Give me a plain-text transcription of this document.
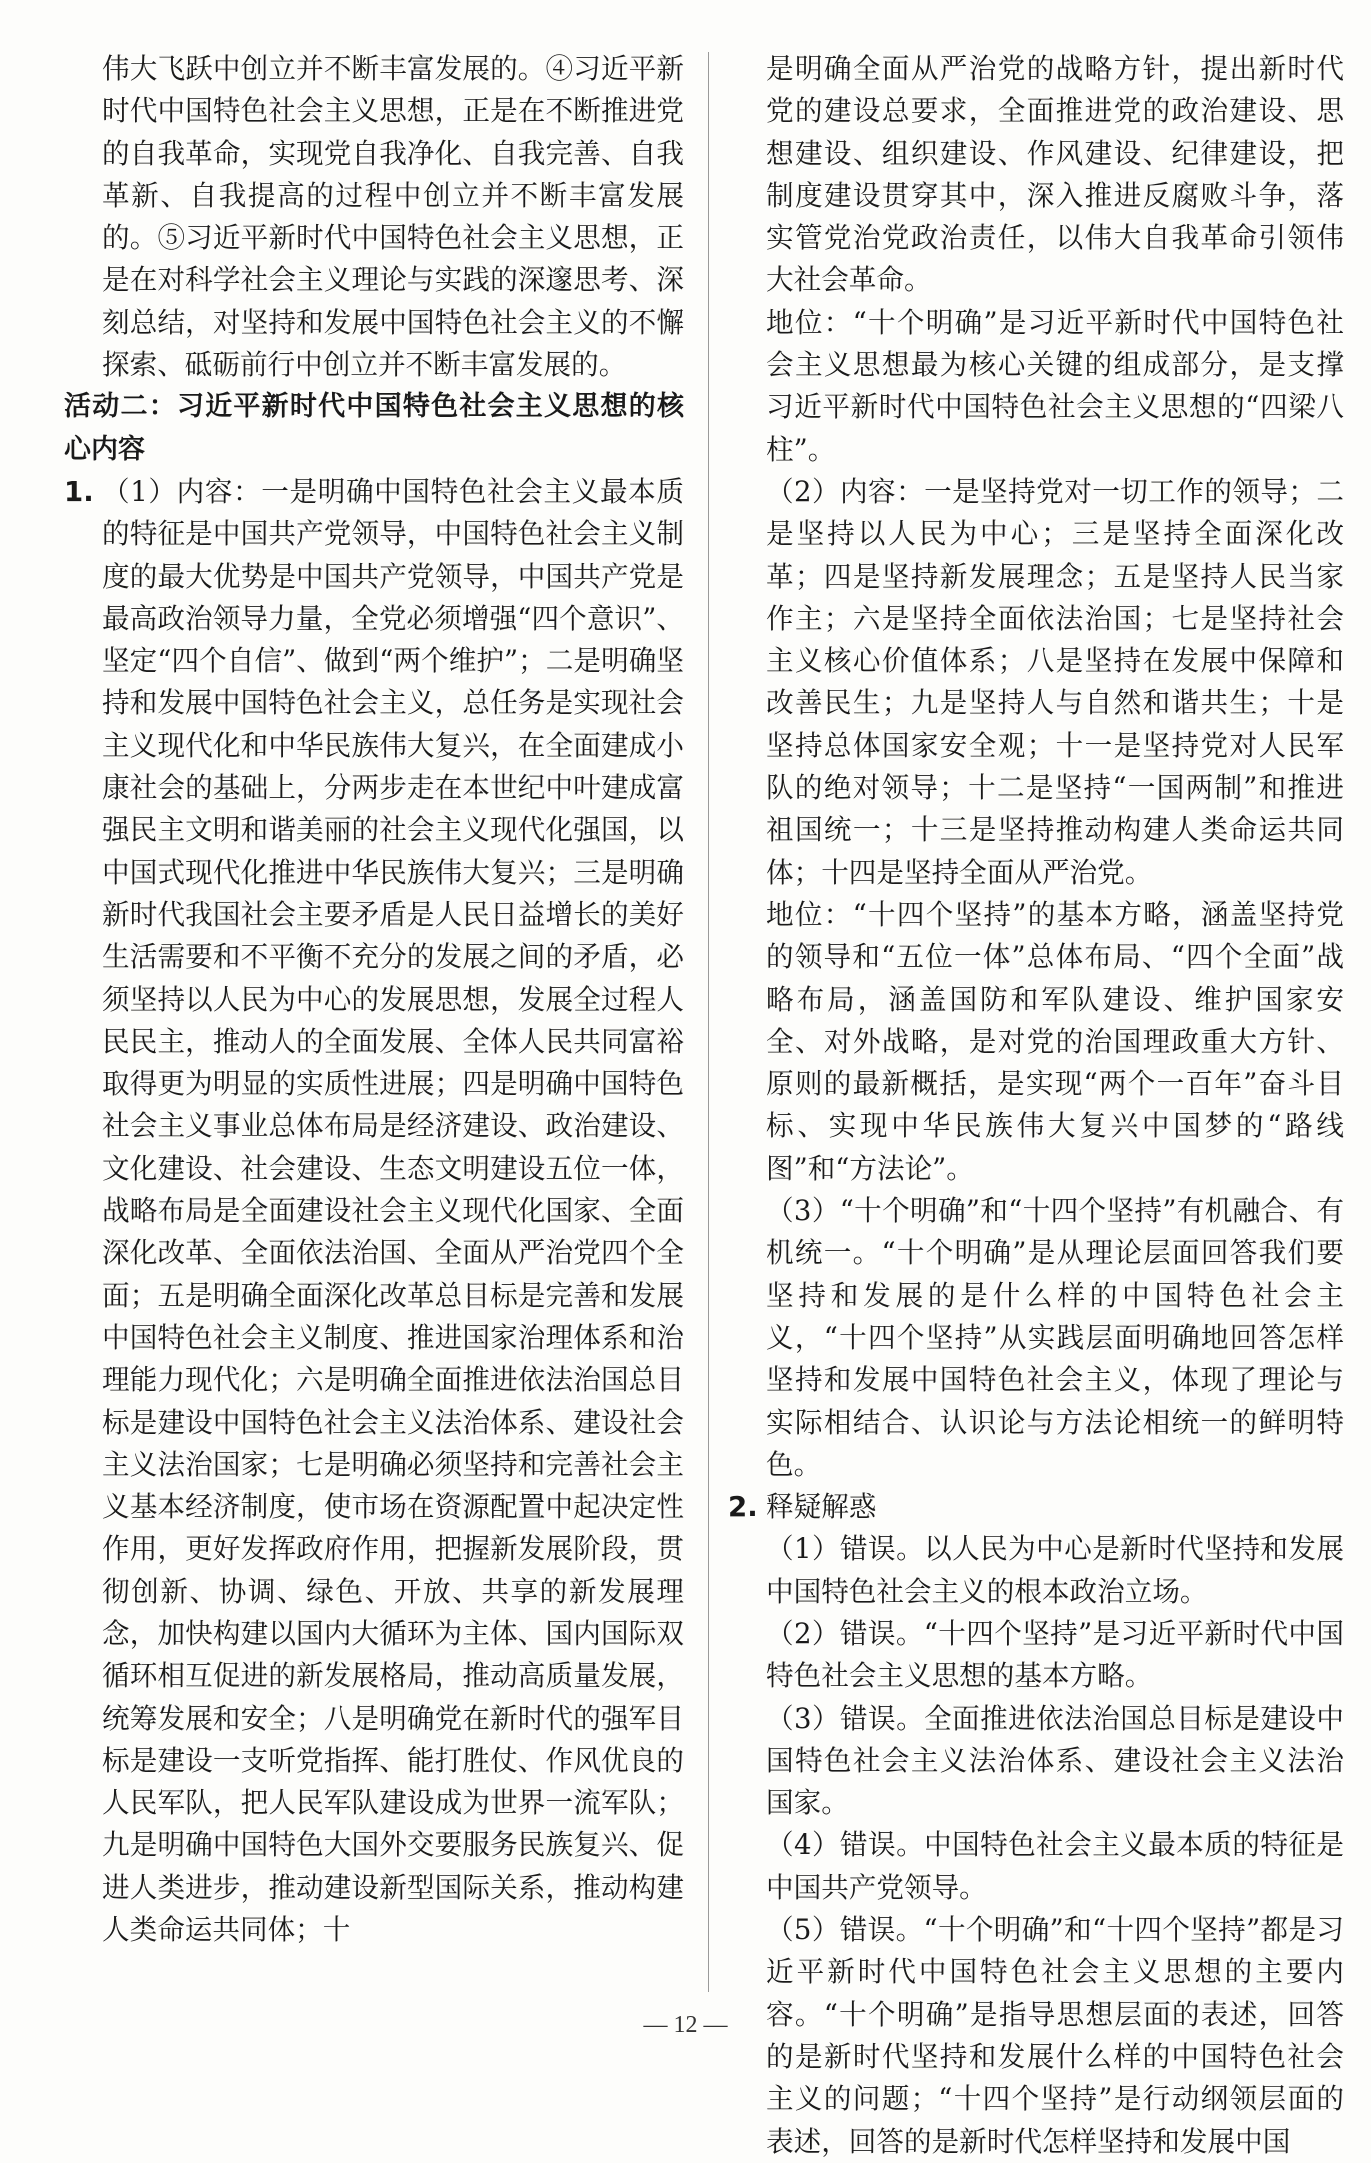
伟大飞跃中创立并不断丰富发展的。④习近平新时代中国特色社会主义思想，正是在不断推进党的自我革命，实现党自我净化、自我完善、自我革新、自我提高的过程中创立并不断丰富发展的。⑤习近平新时代中国特色社会主义思想，正是在对科学社会主义理论与实践的深邃思考、深刻总结，对坚持和发展中国特色社会主义的不懈探索、砥砺前行中创立并不断丰富发展的。

活动二：习近平新时代中国特色社会主义思想的核心内容

1. （1）内容：一是明确中国特色社会主义最本质的特征是中国共产党领导，中国特色社会主义制度的最大优势是中国共产党领导，中国共产党是最高政治领导力量，全党必须增强“四个意识”、坚定“四个自信”、做到“两个维护”；二是明确坚持和发展中国特色社会主义，总任务是实现社会主义现代化和中华民族伟大复兴，在全面建成小康社会的基础上，分两步走在本世纪中叶建成富强民主文明和谐美丽的社会主义现代化强国，以中国式现代化推进中华民族伟大复兴；三是明确新时代我国社会主要矛盾是人民日益增长的美好生活需要和不平衡不充分的发展之间的矛盾，必须坚持以人民为中心的发展思想，发展全过程人民民主，推动人的全面发展、全体人民共同富裕取得更为明显的实质性进展；四是明确中国特色社会主义事业总体布局是经济建设、政治建设、文化建设、社会建设、生态文明建设五位一体，战略布局是全面建设社会主义现代化国家、全面深化改革、全面依法治国、全面从严治党四个全面；五是明确全面深化改革总目标是完善和发展中国特色社会主义制度、推进国家治理体系和治理能力现代化；六是明确全面推进依法治国总目标是建设中国特色社会主义法治体系、建设社会主义法治国家；七是明确必须坚持和完善社会主义基本经济制度，使市场在资源配置中起决定性作用，更好发挥政府作用，把握新发展阶段，贯彻创新、协调、绿色、开放、共享的新发展理念，加快构建以国内大循环为主体、国内国际双循环相互促进的新发展格局，推动高质量发展，统筹发展和安全；八是明确党在新时代的强军目标是建设一支听党指挥、能打胜仗、作风优良的人民军队，把人民军队建设成为世界一流军队；九是明确中国特色大国外交要服务民族复兴、促进人类进步，推动建设新型国际关系，推动构建人类命运共同体；十

是明确全面从严治党的战略方针，提出新时代党的建设总要求，全面推进党的政治建设、思想建设、组织建设、作风建设、纪律建设，把制度建设贯穿其中，深入推进反腐败斗争，落实管党治党政治责任，以伟大自我革命引领伟大社会革命。

地位：“十个明确”是习近平新时代中国特色社会主义思想最为核心关键的组成部分，是支撑习近平新时代中国特色社会主义思想的“四梁八柱”。

（2）内容：一是坚持党对一切工作的领导；二是坚持以人民为中心；三是坚持全面深化改革；四是坚持新发展理念；五是坚持人民当家作主；六是坚持全面依法治国；七是坚持社会主义核心价值体系；八是坚持在发展中保障和改善民生；九是坚持人与自然和谐共生；十是坚持总体国家安全观；十一是坚持党对人民军队的绝对领导；十二是坚持“一国两制”和推进祖国统一；十三是坚持推动构建人类命运共同体；十四是坚持全面从严治党。

地位：“十四个坚持”的基本方略，涵盖坚持党的领导和“五位一体”总体布局、“四个全面”战略布局，涵盖国防和军队建设、维护国家安全、对外战略，是对党的治国理政重大方针、原则的最新概括，是实现“两个一百年”奋斗目标、实现中华民族伟大复兴中国梦的“路线图”和“方法论”。

（3）“十个明确”和“十四个坚持”有机融合、有机统一。“十个明确”是从理论层面回答我们要坚持和发展的是什么样的中国特色社会主义，“十四个坚持”从实践层面明确地回答怎样坚持和发展中国特色社会主义，体现了理论与实际相结合、认识论与方法论相统一的鲜明特色。

2. 释疑解惑

（1）错误。以人民为中心是新时代坚持和发展中国特色社会主义的根本政治立场。

（2）错误。“十四个坚持”是习近平新时代中国特色社会主义思想的基本方略。

（3）错误。全面推进依法治国总目标是建设中国特色社会主义法治体系、建设社会主义法治国家。

（4）错误。中国特色社会主义最本质的特征是中国共产党领导。

（5）错误。“十个明确”和“十四个坚持”都是习近平新时代中国特色社会主义思想的主要内容。“十个明确”是指导思想层面的表述，回答的是新时代坚持和发展什么样的中国特色社会主义的问题；“十四个坚持”是行动纲领层面的表述，回答的是新时代怎样坚持和发展中国

— 12 —
